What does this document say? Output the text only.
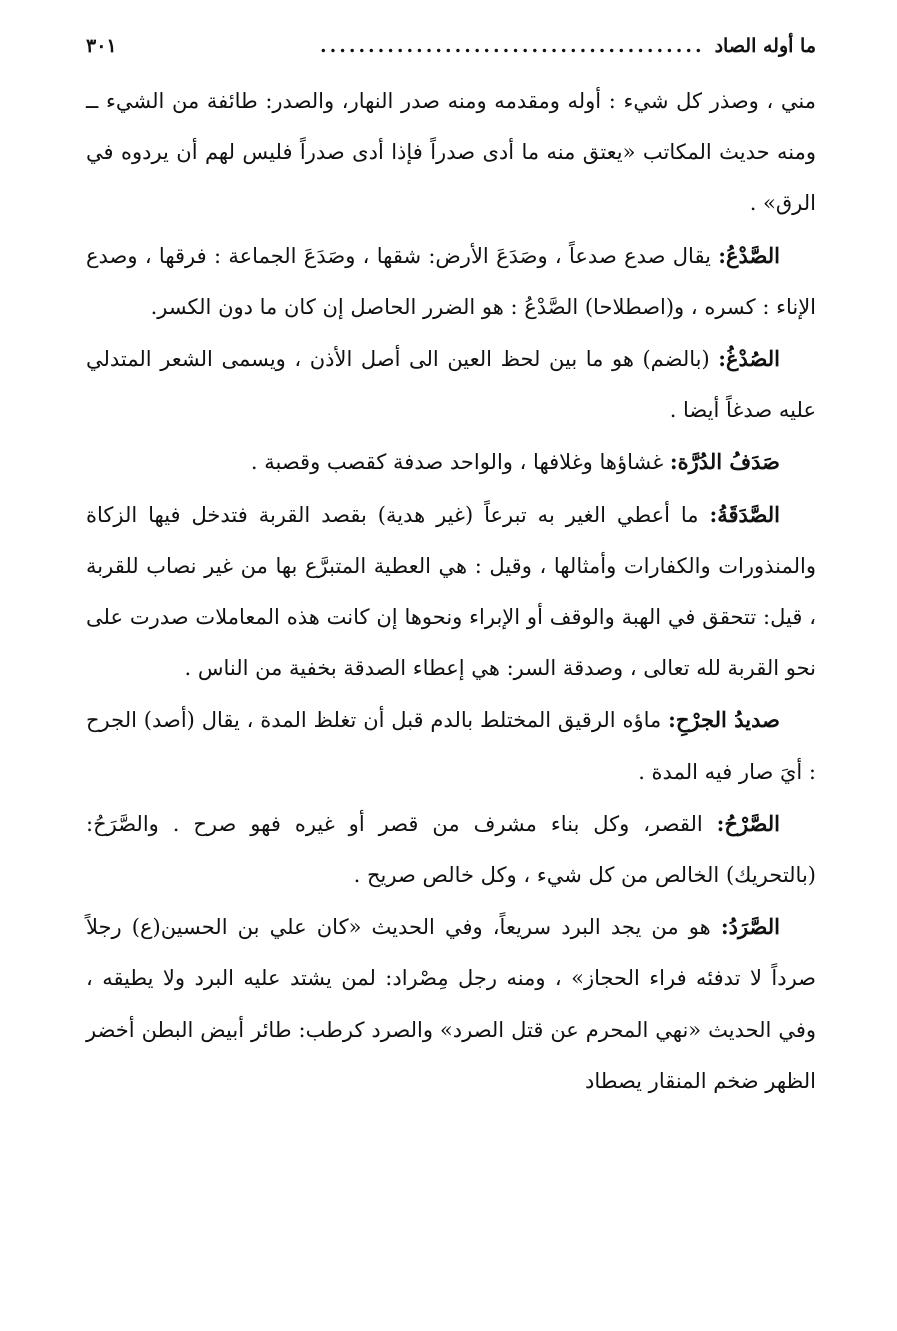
ما أوله الصاد
........................................
٣٠١

مني ، وصذر كل شيء : أوله ومقدمه ومنه صدر النهار، والصدر: طائفة من الشيء ــ ومنه حديث المكاتب «يعتق منه ما أدى صدراً فإذا أدى صدراً فليس لهم أن يردوه في الرق» .

الصَّدْعُ: يقال صدع صدعاً ، وصَدَعَ الأرض: شقها ، وصَدَعَ الجماعة : فرقها ، وصدع الإناء : كسره ، و(اصطلاحا) الصَّدْعُ : هو الضرر الحاصل إن كان ما دون الكسر.

الصُدْغُ: (بالضم) هو ما بين لحظ العين الى أصل الأذن ، ويسمى الشعر المتدلي عليه صدغاً أيضا .

صَدَفُ الدُرَّة: غشاؤها وغلافها ، والواحد صدفة كقصب وقصبة .

الصَّدَقَةُ: ما أعطي الغير به تبرعاً (غير هدية) بقصد القربة فتدخل فيها الزكاة والمنذورات والكفارات وأمثالها ، وقيل : هي العطية المتبرَّع بها من غير نصاب للقربة ، قيل: تتحقق في الهبة والوقف أو الإبراء ونحوها إن كانت هذه المعاملات صدرت على نحو القربة لله تعالى ، وصدقة السر: هي إعطاء الصدقة بخفية من الناس .

صديدُ الجرْحِ: ماؤه الرقيق المختلط بالدم قبل أن تغلظ المدة ، يقال (أصد) الجرح : أيَ صار فيه المدة .

الصَّرْحُ: القصر، وكل بناء مشرف من قصر أو غيره فهو صرح . والصَّرَحُ: (بالتحريك) الخالص من كل شيء ، وكل خالص صريح .

الصَّرَدُ: هو من يجد البرد سريعاً، وفي الحديث «كان علي بن الحسين(ع) رجلاً صرداً لا تدفئه فراء الحجاز» ، ومنه رجل مِصْراد: لمن يشتد عليه البرد ولا يطيقه ، وفي الحديث «نهي المحرم عن قتل الصرد» والصرد كرطب: طائر أبيض البطن أخضر الظهر ضخم المنقار يصطاد
